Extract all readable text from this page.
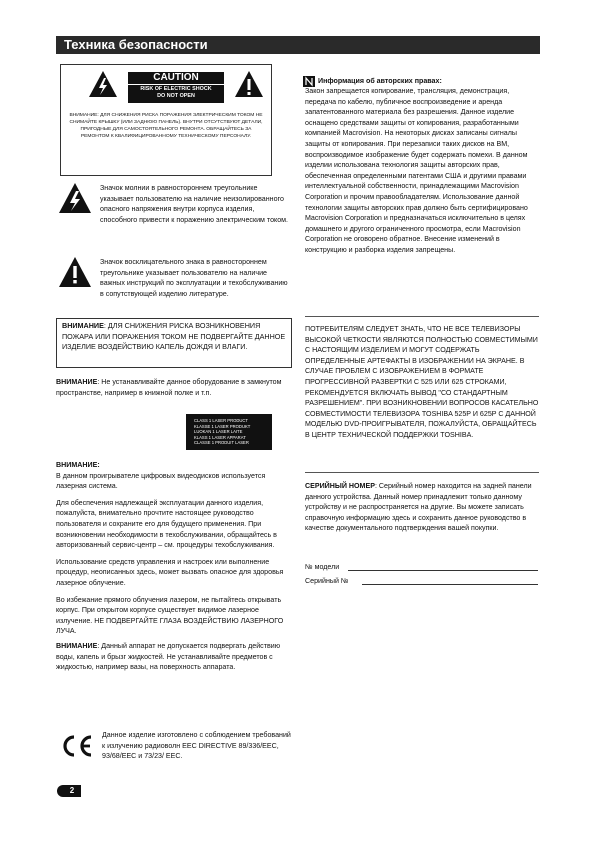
Техника безопасности
CAUTION
RISK OF ELECTRIC SHOCK
DO NOT OPEN
ВНИМАНИЕ: ДЛЯ СНИЖЕНИЯ РИСКА ПОРАЖЕНИЯ ЭЛЕКТРИЧЕСКИМ ТОКОМ НЕ СНИМАЙТЕ КРЫШКУ (ИЛИ ЗАДНЮЮ ПАНЕЛЬ). ВНУТРИ ОТСУТСТВУЮТ ДЕТАЛИ, ПРИГОДНЫЕ ДЛЯ САМОСТОЯТЕЛЬНОГО РЕМОНТА. ОБРАЩАЙТЕСЬ ЗА РЕМОНТОМ К КВАЛИФИЦИРОВАННОМУ ТЕХНИЧЕСКОМУ ПЕРСОНАЛУ.
Значок молнии в равностороннем треугольнике указывает пользователю на наличие неизолированного опасного напряжения внутри корпуса изделия, способного привести к поражению электрическим током.
Значок восклицательного знака в равностороннем треугольнике указывает пользователю на наличие важных инструкций по эксплуатации и техобслуживанию в сопутствующей изделию литературе.
ВНИМАНИЕ: ДЛЯ СНИЖЕНИЯ РИСКА ВОЗНИКНОВЕНИЯ ПОЖАРА ИЛИ ПОРАЖЕНИЯ ТОКОМ НЕ ПОДВЕРГАЙТЕ ДАННОЕ ИЗДЕЛИЕ ВОЗДЕЙСТВИЮ КАПЕЛЬ ДОЖДЯ И ВЛАГИ.
ВНИМАНИЕ: Не устанавливайте данное оборудование в замкнутом пространстве, например в книжной полке и т.п.
CLASS 1 LASER PRODUCT
KLASSE 1 LASER PRODUKT
LUOKAN 1 LASER LAITE
KLASS 1 LASER APPARAT
CLASSE 1 PRODUIT LASER
ВНИМАНИЕ:
В данном проигрывателе цифровых видеодисков используется лазерная система.
Для обеспечения надлежащей эксплуатации данного изделия, пожалуйста, внимательно прочтите настоящее руководство пользователя и сохраните его для будущего применения. При возникновении необходимости в техобслуживании, обращайтесь в авторизованный сервис-центр – см. процедуры техобслуживания.
Использование средств управления и настроек или выполнение процедур, неописанных здесь, может вызвать опасное для здоровья лазерное облучение.
Во избежание прямого облучения лазером, не пытайтесь открывать корпус. При открытом корпусе существует видимое лазерное излучение. НЕ ПОДВЕРГАЙТЕ ГЛАЗА ВОЗДЕЙСТВИЮ ЛАЗЕРНОГО ЛУЧА.
ВНИМАНИЕ: Данный аппарат не допускается подвергать действию воды, капель и брызг жидкостей. Не устанавливайте предметов с жидкостью, например вазы, на поверхность аппарата.
Данное изделие изготовлено с соблюдением требований к излучению радиоволн EEC DIRECTIVE 89/336/EEC, 93/68/EEC и 73/23/ EEC.
2
Информация об авторских правах:
Закон запрещается копирование, трансляция, демонстрация, передача по кабелю, публичное воспроизведение и аренда запатентованного материала без разрешения. Данное изделие оснащено средствами защиты от копирования, разработанными компанией Macrovision. На некоторых дисках записаны сигналы защиты от копирования. При перезаписи таких дисков на ВМ, воспроизводимое изображение будет содержать помехи. В данном изделии использована технология защиты авторских прав, обеспеченная определенными патентами США и другими правами интеллектуальной собственности, принадлежащими Macrovision Corporation и прочим правообладателям. Использование данной технологии защиты авторских прав должно быть сертифицировано Macrovision Corporation и предназначаться исключительно в целях домашнего и другого ограниченного просмотра, если Macrovision Corporation не оговорено обратное. Внесение изменений в конструкцию и разборка изделия запрещены.
ПОТРЕБИТЕЛЯМ СЛЕДУЕТ ЗНАТЬ, ЧТО НЕ ВСЕ ТЕЛЕВИЗОРЫ ВЫСОКОЙ ЧЕТКОСТИ ЯВЛЯЮТСЯ ПОЛНОСТЬЮ СОВМЕСТИМЫМИ С НАСТОЯЩИМ ИЗДЕЛИЕМ И МОГУТ СОДЕРЖАТЬ ОПРЕДЕЛЕННЫЕ АРТЕФАКТЫ В ИЗОБРАЖЕНИИ НА ЭКРАНЕ. В СЛУЧАЕ ПРОБЛЕМ С ИЗОБРАЖЕНИЕМ В ФОРМАТЕ ПРОГРЕССИВНОЙ РАЗВЕРТКИ С 525 ИЛИ 625 СТРОКАМИ, РЕКОМЕНДУЕТСЯ ВКЛЮЧАТЬ ВЫВОД "СО СТАНДАРТНЫМ РАЗРЕШЕНИЕМ". ПРИ ВОЗНИКНОВЕНИИ ВОПРОСОВ КАСАТЕЛЬНО СОВМЕСТИМОСТИ ТЕЛЕВИЗОРА TOSHIBA 525P И 625P С ДАННОЙ МОДЕЛЬЮ DVD-ПРОИГРЫВАТЕЛЯ, ПОЖАЛУЙСТА, ОБРАЩАЙТЕСЬ В ЦЕНТР ТЕХНИЧЕСКОЙ ПОДДЕРЖКИ TOSHIBA.
СЕРИЙНЫЙ НОМЕР: Серийный номер находится на задней панели данного устройства. Данный номер принадлежит только данному устройству и не распространяется на другие. Вы можете записать справочную информацию здесь и сохранить данное руководство в качестве документального подтверждения вашей покупки.
№ модели
Серийный №
